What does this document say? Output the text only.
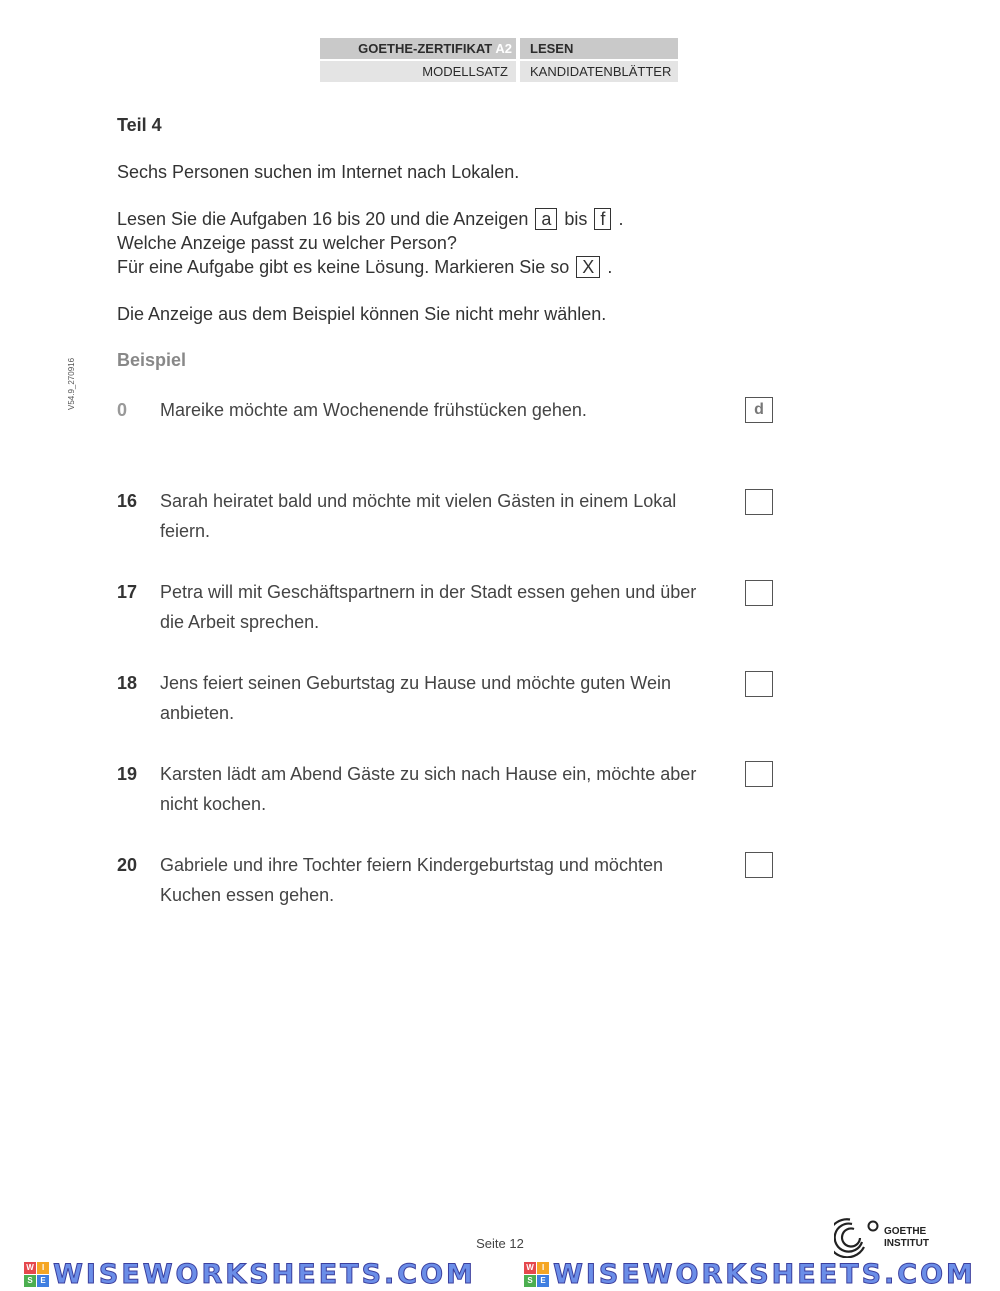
GOETHE-ZERTIFIKAT A2	LESEN
MODELLSATZ	KANDIDATENBLÄTTER
V54.9_270916
Teil 4
Sechs Personen suchen im Internet nach Lokalen.
Lesen Sie die Aufgaben 16 bis 20 und die Anzeigen a bis f .
Welche Anzeige passt zu welcher Person?
Für eine Aufgabe gibt es keine Lösung. Markieren Sie so X .
Die Anzeige aus dem Beispiel können Sie nicht mehr wählen.
Beispiel
0 Mareike möchte am Wochenende frühstücken gehen.	d
16 Sarah heiratet bald und möchte mit vielen Gästen in einem Lokal feiern.
17 Petra will mit Geschäftspartnern in der Stadt essen gehen und über die Arbeit sprechen.
18 Jens feiert seinen Geburtstag zu Hause und möchte guten Wein anbieten.
19 Karsten lädt am Abend Gäste zu sich nach Hause ein, möchte aber nicht kochen.
20 Gabriele und ihre Tochter feiern Kindergeburtstag und möchten Kuchen essen gehen.
Seite 12
GOETHE
INSTITUT
W	I
S E WISEWORKSHEETS.COM	W	I
S E WISEWORKSHEETS.COM
